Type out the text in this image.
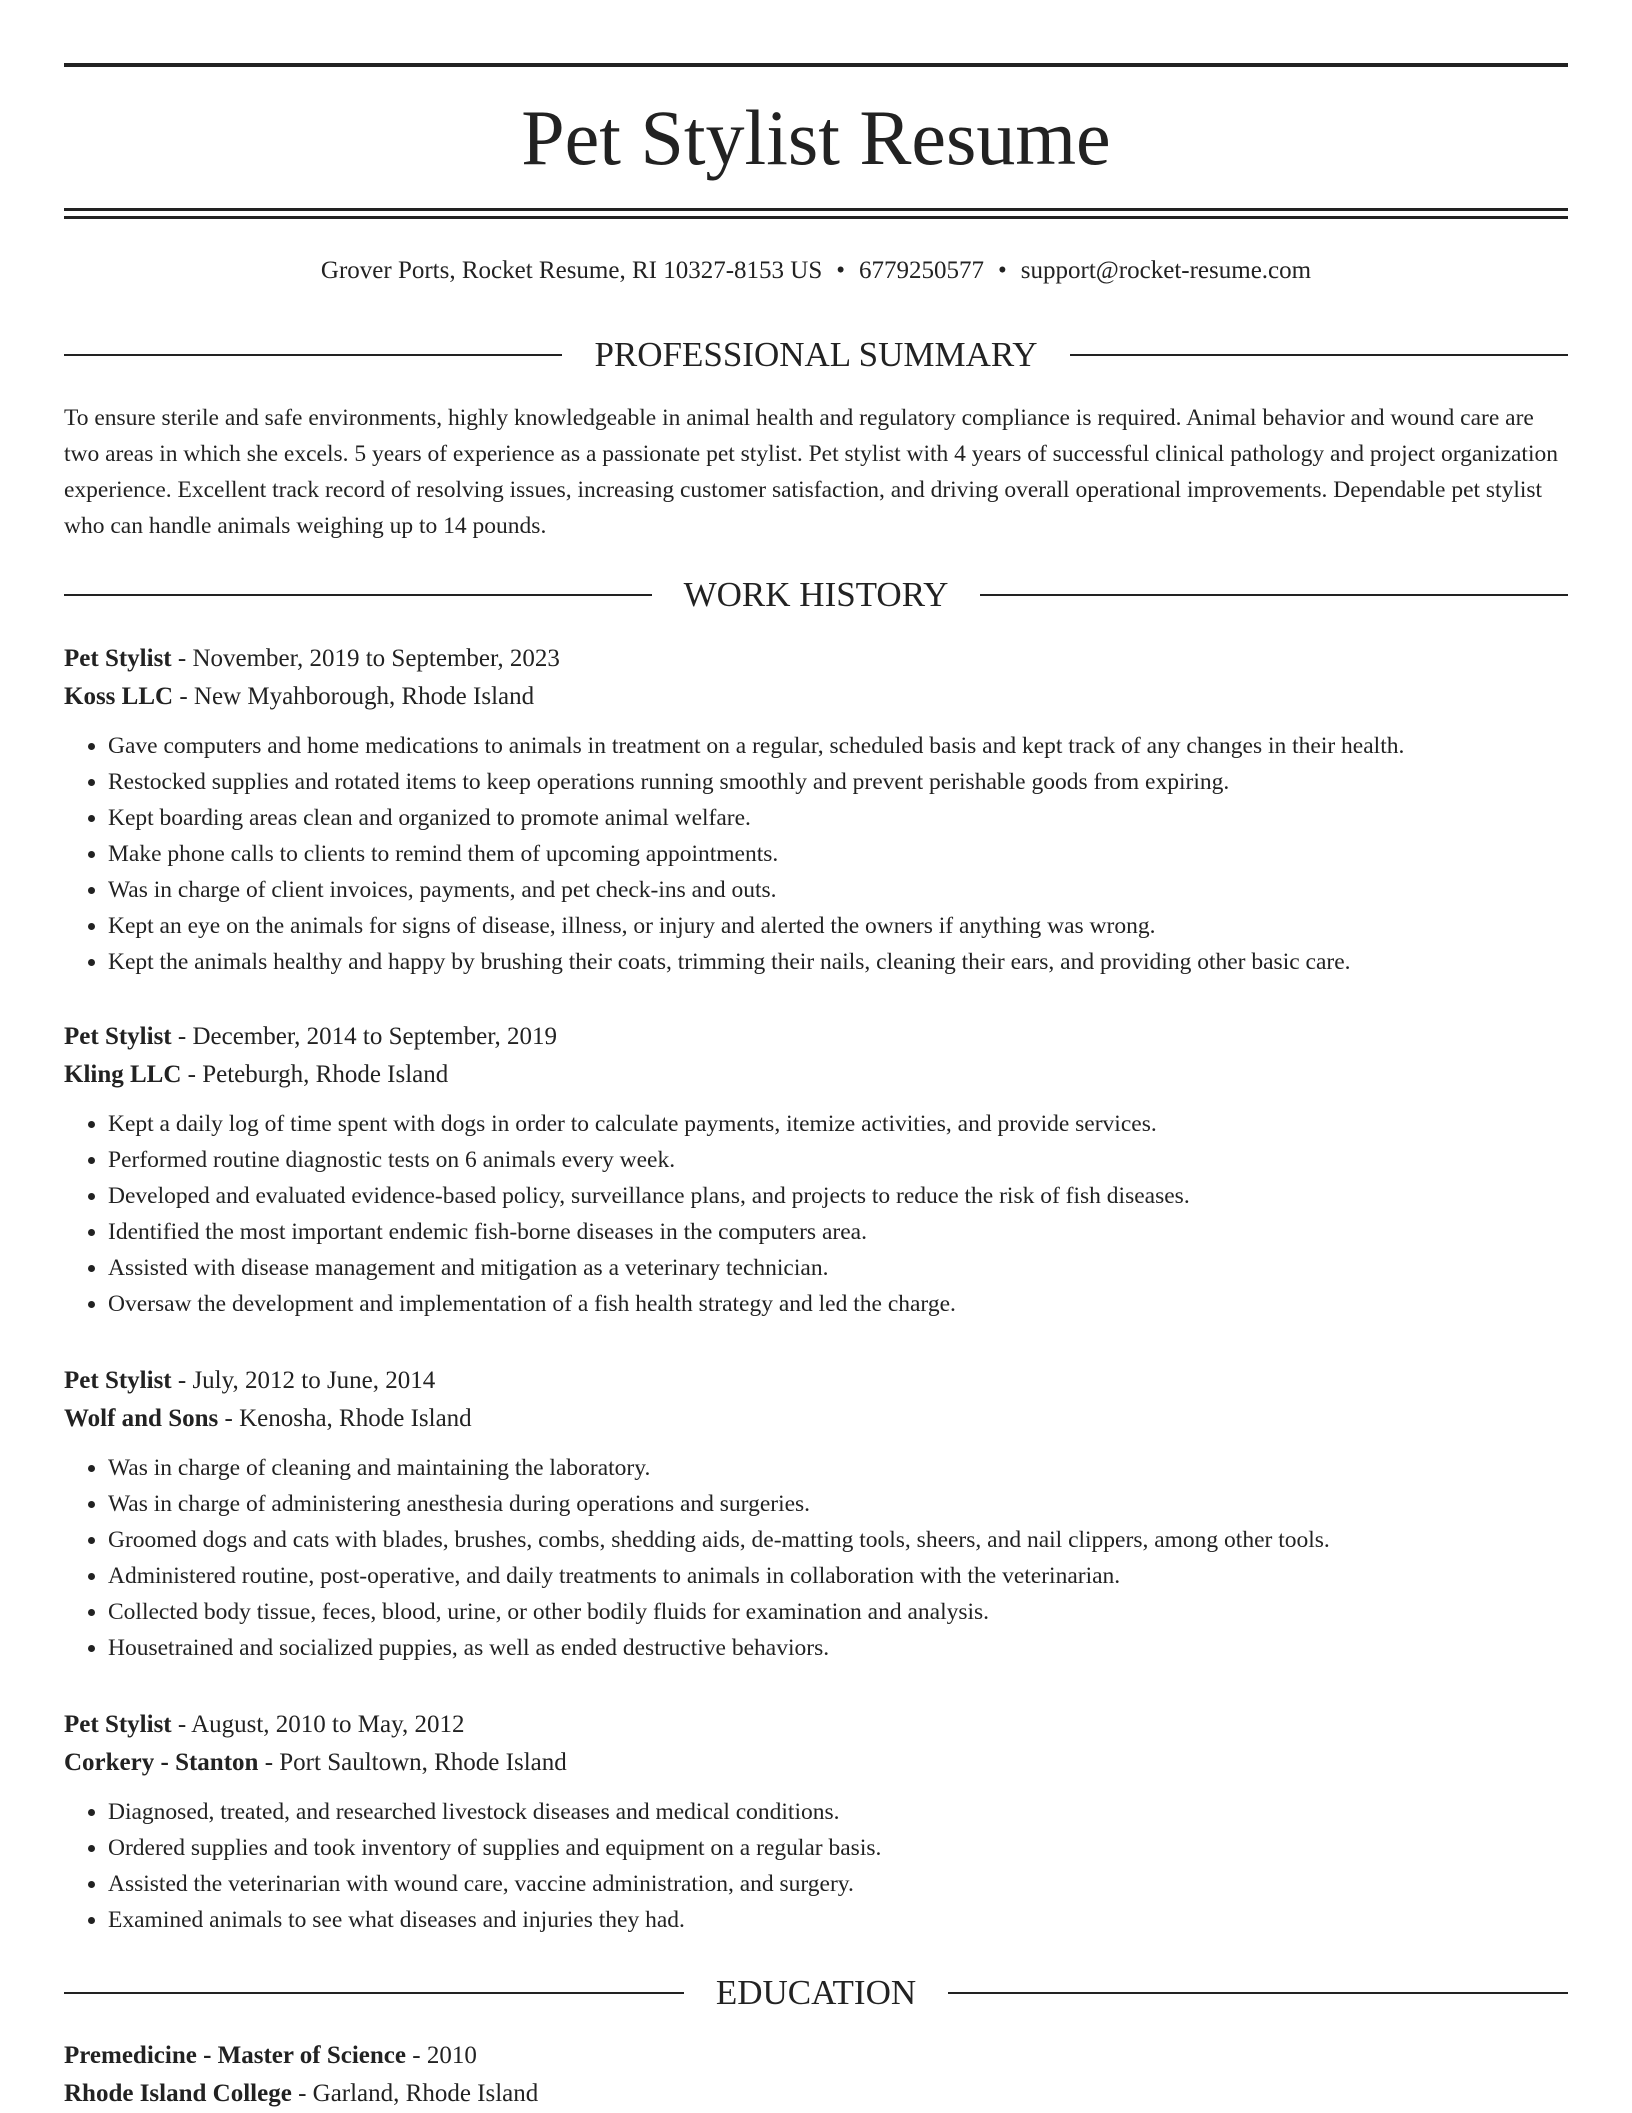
Pet Stylist Resume
Grover Ports, Rocket Resume, RI 10327-8153 US • 6779250577 • support@rocket-resume.com
PROFESSIONAL SUMMARY
To ensure sterile and safe environments, highly knowledgeable in animal health and regulatory compliance is required. Animal behavior and wound care are two areas in which she excels. 5 years of experience as a passionate pet stylist. Pet stylist with 4 years of successful clinical pathology and project organization experience. Excellent track record of resolving issues, increasing customer satisfaction, and driving overall operational improvements. Dependable pet stylist who can handle animals weighing up to 14 pounds.
WORK HISTORY
Pet Stylist - November, 2019 to September, 2023
Koss LLC - New Myahborough, Rhode Island
• Gave computers and home medications to animals in treatment on a regular, scheduled basis and kept track of any changes in their health.
• Restocked supplies and rotated items to keep operations running smoothly and prevent perishable goods from expiring.
• Kept boarding areas clean and organized to promote animal welfare.
• Make phone calls to clients to remind them of upcoming appointments.
• Was in charge of client invoices, payments, and pet check-ins and outs.
• Kept an eye on the animals for signs of disease, illness, or injury and alerted the owners if anything was wrong.
• Kept the animals healthy and happy by brushing their coats, trimming their nails, cleaning their ears, and providing other basic care.
Pet Stylist - December, 2014 to September, 2019
Kling LLC - Peteburgh, Rhode Island
• Kept a daily log of time spent with dogs in order to calculate payments, itemize activities, and provide services.
• Performed routine diagnostic tests on 6 animals every week.
• Developed and evaluated evidence-based policy, surveillance plans, and projects to reduce the risk of fish diseases.
• Identified the most important endemic fish-borne diseases in the computers area.
• Assisted with disease management and mitigation as a veterinary technician.
• Oversaw the development and implementation of a fish health strategy and led the charge.
Pet Stylist - July, 2012 to June, 2014
Wolf and Sons - Kenosha, Rhode Island
• Was in charge of cleaning and maintaining the laboratory.
• Was in charge of administering anesthesia during operations and surgeries.
• Groomed dogs and cats with blades, brushes, combs, shedding aids, de-matting tools, sheers, and nail clippers, among other tools.
• Administered routine, post-operative, and daily treatments to animals in collaboration with the veterinarian.
• Collected body tissue, feces, blood, urine, or other bodily fluids for examination and analysis.
• Housetrained and socialized puppies, as well as ended destructive behaviors.
Pet Stylist - August, 2010 to May, 2012
Corkery - Stanton - Port Saultown, Rhode Island
• Diagnosed, treated, and researched livestock diseases and medical conditions.
• Ordered supplies and took inventory of supplies and equipment on a regular basis.
• Assisted the veterinarian with wound care, vaccine administration, and surgery.
• Examined animals to see what diseases and injuries they had.
EDUCATION
Premedicine - Master of Science - 2010
Rhode Island College - Garland, Rhode Island
